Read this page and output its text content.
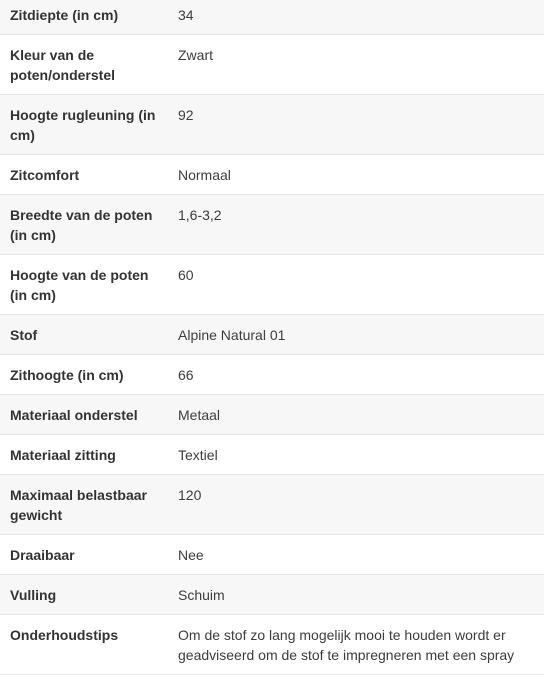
Zitdiepte (in cm)	34
Kleur van de poten/onderstel	Zwart
Hoogte rugleuning (in cm)	92
Zitcomfort	Normaal
Breedte van de poten (in cm)	1,6-3,2
Hoogte van de poten (in cm)	60
Stof	Alpine Natural 01
Zithoogte (in cm)	66
Materiaal onderstel	Metaal
Materiaal zitting	Textiel
Maximaal belastbaar gewicht	120
Draaibaar	Nee
Vulling	Schuim
Onderhoudstips	Om de stof zo lang mogelijk mooi te houden wordt er geadviseerd om de stof te impregneren met een spray
